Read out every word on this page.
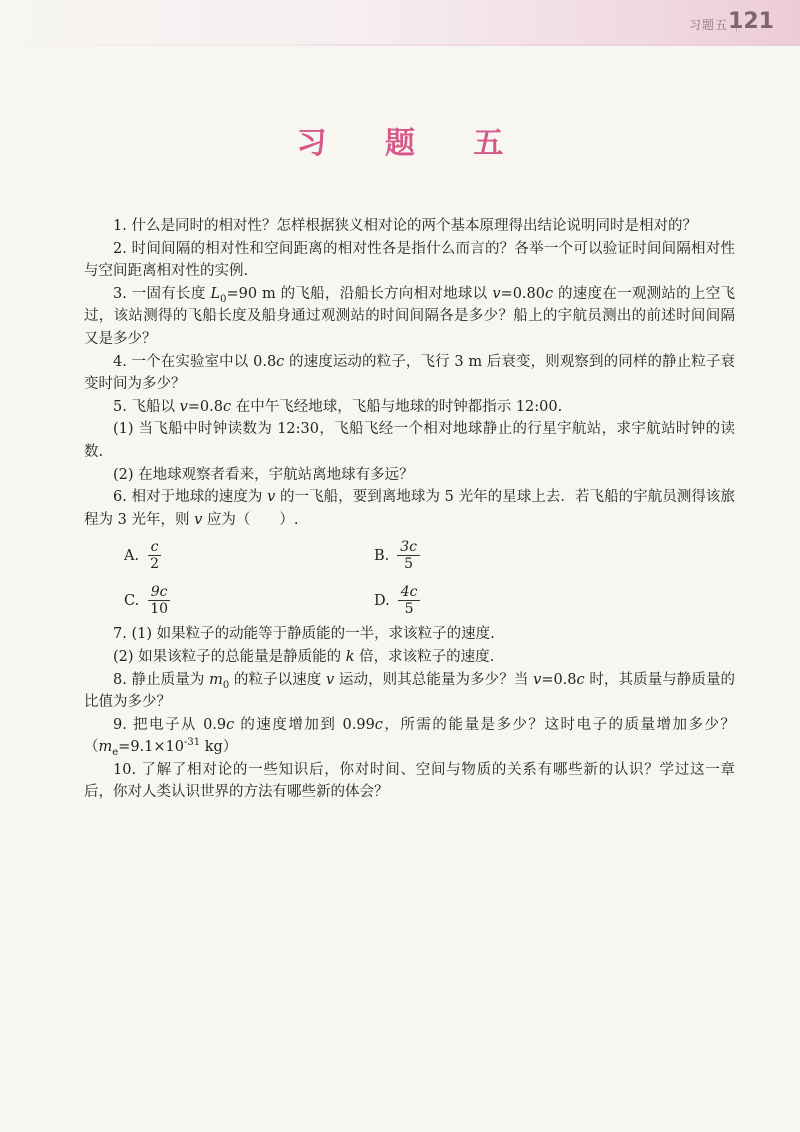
习题五 121
习 题 五

1. 什么是同时的相对性？怎样根据狭义相对论的两个基本原理得出结论说明同时是相对的？

2. 时间间隔的相对性和空间距离的相对性各是指什么而言的？各举一个可以验证时间间隔相对性与空间距离相对性的实例.

3. 一固有长度 $L_0=90$ m 的飞船，沿船长方向相对地球以 v=0.80c 的速度在一观测站的上空飞过，该站测得的飞船长度及船身通过观测站的时间间隔各是多少？船上的宇航员测出的前述时间间隔又是多少？

4. 一个在实验室中以 0.8c 的速度运动的粒子，飞行 3 m 后衰变，则观察到的同样的静止粒子衰变时间为多少？

5. 飞船以 v=0.8c 在中午飞经地球，飞船与地球的时钟都指示 12:00.

(1) 当飞船中时钟读数为 12:30，飞船飞经一个相对地球静止的行星宇航站，求宇航站时钟的读数.

(2) 在地球观察者看来，宇航站离地球有多远？

6. 相对于地球的速度为 v 的一飞船，要到离地球为 5 光年的星球上去．若飞船的宇航员测得该旅程为 3 光年，则 v 应为（　　）.

A. $\frac{c}{2}$	B. $\frac{3c}{5}$
C. $\frac{9c}{10}$	D. $\frac{4c}{5}$

7. (1) 如果粒子的动能等于静质能的一半，求该粒子的速度.

(2) 如果该粒子的总能量是静质能的 k 倍，求该粒子的速度.

8. 静止质量为 $m_0$ 的粒子以速度 v 运动，则其总能量为多少？当 v=0.8c 时，其质量与静质量的比值为多少？

9. 把电子从 0.9c 的速度增加到 0.99c，所需的能量是多少？这时电子的质量增加多少？（$m_e=9.1\times 10^{-31}$ kg）

10. 了解了相对论的一些知识后，你对时间、空间与物质的关系有哪些新的认识？学过这一章后，你对人类认识世界的方法有哪些新的体会？
